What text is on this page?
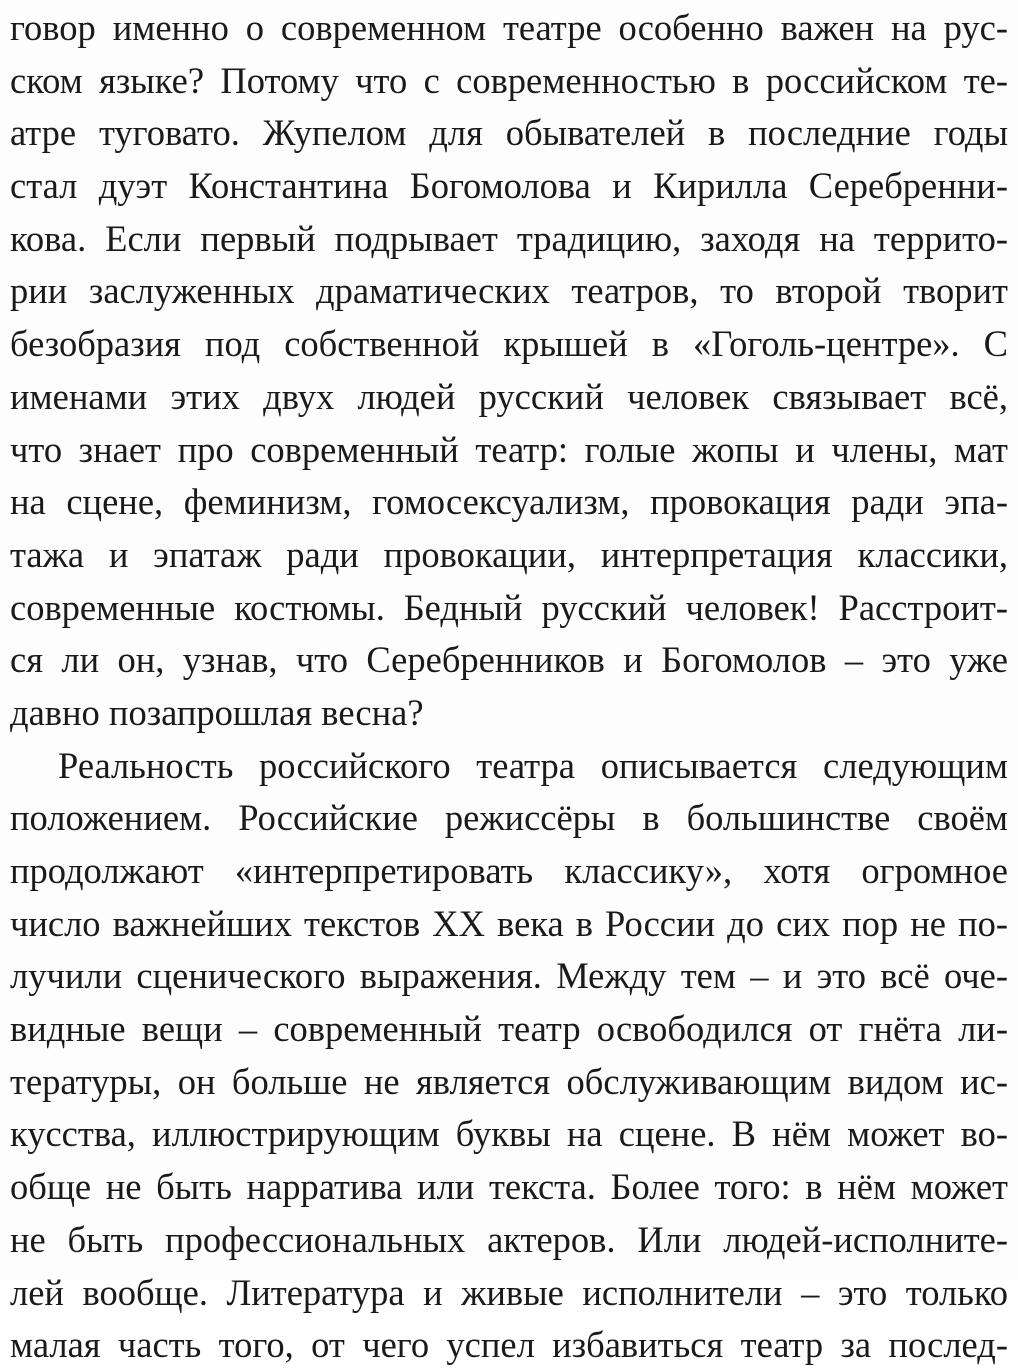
говор именно о современном театре особенно важен на рус-
ском языке? Потому что с современностью в российском те-
атре туговато. Жупелом для обывателей в последние годы
стал дуэт Константина Богомолова и Кирилла Серебренни-
кова. Если первый подрывает традицию, заходя на террито-
рии заслуженных драматических театров, то второй творит
безобразия под собственной крышей в «Гоголь-центре». С
именами этих двух людей русский человек связывает всё,
что знает про современный театр: голые жопы и члены, мат
на сцене, феминизм, гомосексуализм, провокация ради эпа-
тажа и эпатаж ради провокации, интерпретация классики,
современные костюмы. Бедный русский человек! Расстроит-
ся ли он, узнав, что Серебренников и Богомолов – это уже
давно позапрошлая весна?
Реальность российского театра описывается следующим
положением. Российские режиссёры в большинстве своём
продолжают «интерпретировать классику», хотя огромное
число важнейших текстов XX века в России до сих пор не по-
лучили сценического выражения. Между тем – и это всё оче-
видные вещи – современный театр освободился от гнёта ли-
тературы, он больше не является обслуживающим видом ис-
кусства, иллюстрирующим буквы на сцене. В нём может во-
обще не быть нарратива или текста. Более того: в нём может
не быть профессиональных актеров. Или людей-исполните-
лей вообще. Литература и живые исполнители – это только
малая часть того, от чего успел избавиться театр за послед-
